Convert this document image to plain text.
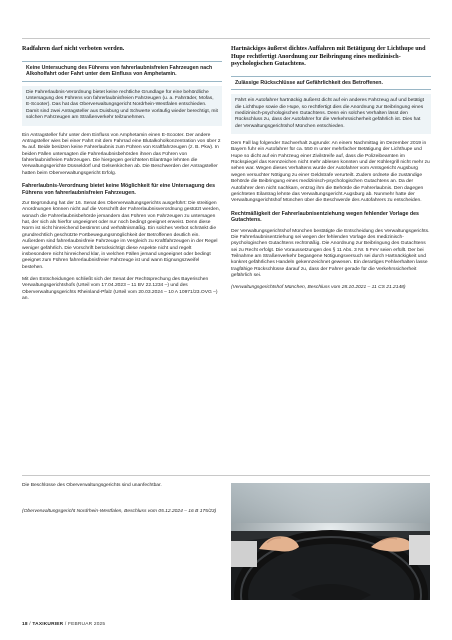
Radfahren darf nicht verboten werden.

Keine Untersuchung des Führens von fahrerlaubnisfreien Fahrzeugen nach Alkoholfahrt oder Fahrt unter dem Einfluss von Amphetamin.

Die Fahrerlaubnis-Verordnung bietet keine rechtliche Grundlage für eine behördliche Untersagung des Führens von fahrerlaubnisfreien Fahrzeugen (u. a. Fahrräder, Mofas, E-Scooter). Das hat das Oberverwaltungsgericht Nordrhein-Westfalen entschieden. Damit sind zwei Antragsteller aus Duisburg und Schwerte vorläufig wieder berechtigt, mit solchen Fahrzeugen am Straßenverkehr teilzunehmen.

Ein Antragsteller fuhr unter dem Einfluss von Amphetamin einen E-Scooter. Der andere Antragsteller wies bei einer Fahrt mit dem Fahrrad eine Blutalkoholkonzentration von über 2 ‰ auf. Beide besitzen keine Fahrerlaubnis zum Führen von Kraftfahrzeugen (z. B. Pkw). In beiden Fällen untersagten die Fahrerlaubnisbehörden ihnen das Führen von fahrerlaubnisfreien Fahrzeugen. Die hiergegen gerichteten Eilanträge lehnten die Verwaltungsgerichte Düsseldorf und Gelsenkirchen ab. Die Beschwerden der Antragsteller hatten beim Oberverwaltungsgericht Erfolg.

Fahrerlaubnis-Verordnung bietet keine Möglichkeit für eine Untersagung des Führens von fahrerlaubnisfreien Fahrzeugen.

Zur Begründung hat der 16. Senat des Oberverwaltungsgerichts ausgeführt: Die streitigen Anordnungen können nicht auf die Vorschrift der Fahrerlaubnisverordnung gestützt werden, wonach die Fahrerlaubnisbehörde jemandem das Führen von Fahrzeugen zu untersagen hat, der sich als hierfür ungeeignet oder nur noch bedingt geeignet erweist. Denn diese Norm ist nicht hinreichend bestimmt und verhältnismäßig. Ein solches Verbot schränkt die grundrechtlich geschützte Fortbewegungsmöglichkeit der Betroffenen deutlich ein. Außerdem sind fahrerlaubnisfreie Fahrzeuge im Vergleich zu Kraftfahrzeugen in der Regel weniger gefährlich. Die Vorschrift berücksichtigt diese Aspekte nicht und regelt insbesondere nicht hinreichend klar, in welchen Fällen jemand ungeeignet oder bedingt geeignet zum Führen fahrerlaubnisfreier Fahrzeuge ist und wann Eignungszweifel bestehen.

Mit den Entscheidungen schließt sich der Senat der Rechtsprechung des Bayerischen Verwaltungsgerichtshofs (Urteil vom 17.04.2023 – 11 BV 22.1234 –) und des Oberverwaltungsgerichts Rheinland-Pfalz (Urteil vom 20.03.2024 – 10 A 10971/23.OVG –) an.

Hartnäckiges äußerst dichtes Auffahren mit Betätigung der Lichthupe und Hupe rechtfertigt Anordnung zur Beibringung eines medizinisch-psychologischen Gutachtens.

Zulässige Rückschlüsse auf Gefährlichkeit des Betroffenen.

Fährt ein Autofahrer hartnäckig äußerst dicht auf ein anderes Fahrzeug auf und betätigt die Lichthupe sowie die Hupe, so rechtfertigt dies die Anordnung zur Beibringung eines medizinisch-psychologischen Gutachtens. Denn ein solches Verhalten lässt den Rückschluss zu, dass der Autofahrer für die Verkehrssicherheit gefährlich ist. Dies hat der Verwaltungsgerichtshof München entschieden.

Dem Fall lag folgender Sachverhalt zugrunde: An einem Nachmittag im Dezember 2019 in Bayern fuhr ein Autofahrer für ca. 550 m unter mehrfacher Betätigung der Lichthupe und Hupe so dicht auf ein Fahrzeug einer Zivilstreife auf, dass die Polizeibeamten im Rückspiegel das Kennzeichen nicht mehr ablesen konnten und der Kühlergrill nicht mehr zu sehen war. Wegen dieses Verhaltens wurde der Autofahrer vom Amtsgericht Augsburg wegen versuchter Nötigung zu einer Geldstrafe verurteilt. Zudem ordnete die zuständige Behörde die Beibringung eines medizinisch-psychologischen Gutachtens an. Da der Autofahrer dem nicht nachkam, entzog ihm die Behörde die Fahrerlaubnis. Den dagegen gerichteten Eilantrag lehnte das Verwaltungsgericht Augsburg ab. Nunmehr hatte der Verwaltungsgerichtshof München über die Beschwerde des Autofahrers zu entscheiden.

Rechtmäßigkeit der Fahrerlaubnisentziehung wegen fehlender Vorlage des Gutachtens.

Der Verwaltungsgerichtshof München bestätigte die Entscheidung des Verwaltungsgerichts. Die Fahrerlaubnisentziehung sei wegen der fehlenden Vorlage des medizinisch-psychologischen Gutachtens rechtmäßig. Die Anordnung zur Beibringung des Gutachtens sei zu Recht erfolgt. Die Voraussetzungen des § 11 Abs. 3 Nr. 5 FeV seien erfüllt. Der bei Teilnahme am Straßenverkehr begangene Nötigungsversuch sei durch Hartnäckigkeit und konkret gefährliches Handeln gekennzeichnet gewesen. Ein derartiges Fehlverhalten lasse tragfähige Rückschlüsse darauf zu, dass der Fahrer gerade für die Verkehrssicherheit gefährlich sei.

(Verwaltungsgerichtshof München, Beschluss vom 28.10.2021 – 11 CS 21.2148)

Die Beschlüsse des Oberverwaltungsgerichts sind unanfechtbar.

(Oberverwaltungsgericht Nordrhein-Westfalen, Beschluss vom 05.12.2024 – 16 B 175/23)

18 / TAXIKURIER / FEBRUAR 2025
